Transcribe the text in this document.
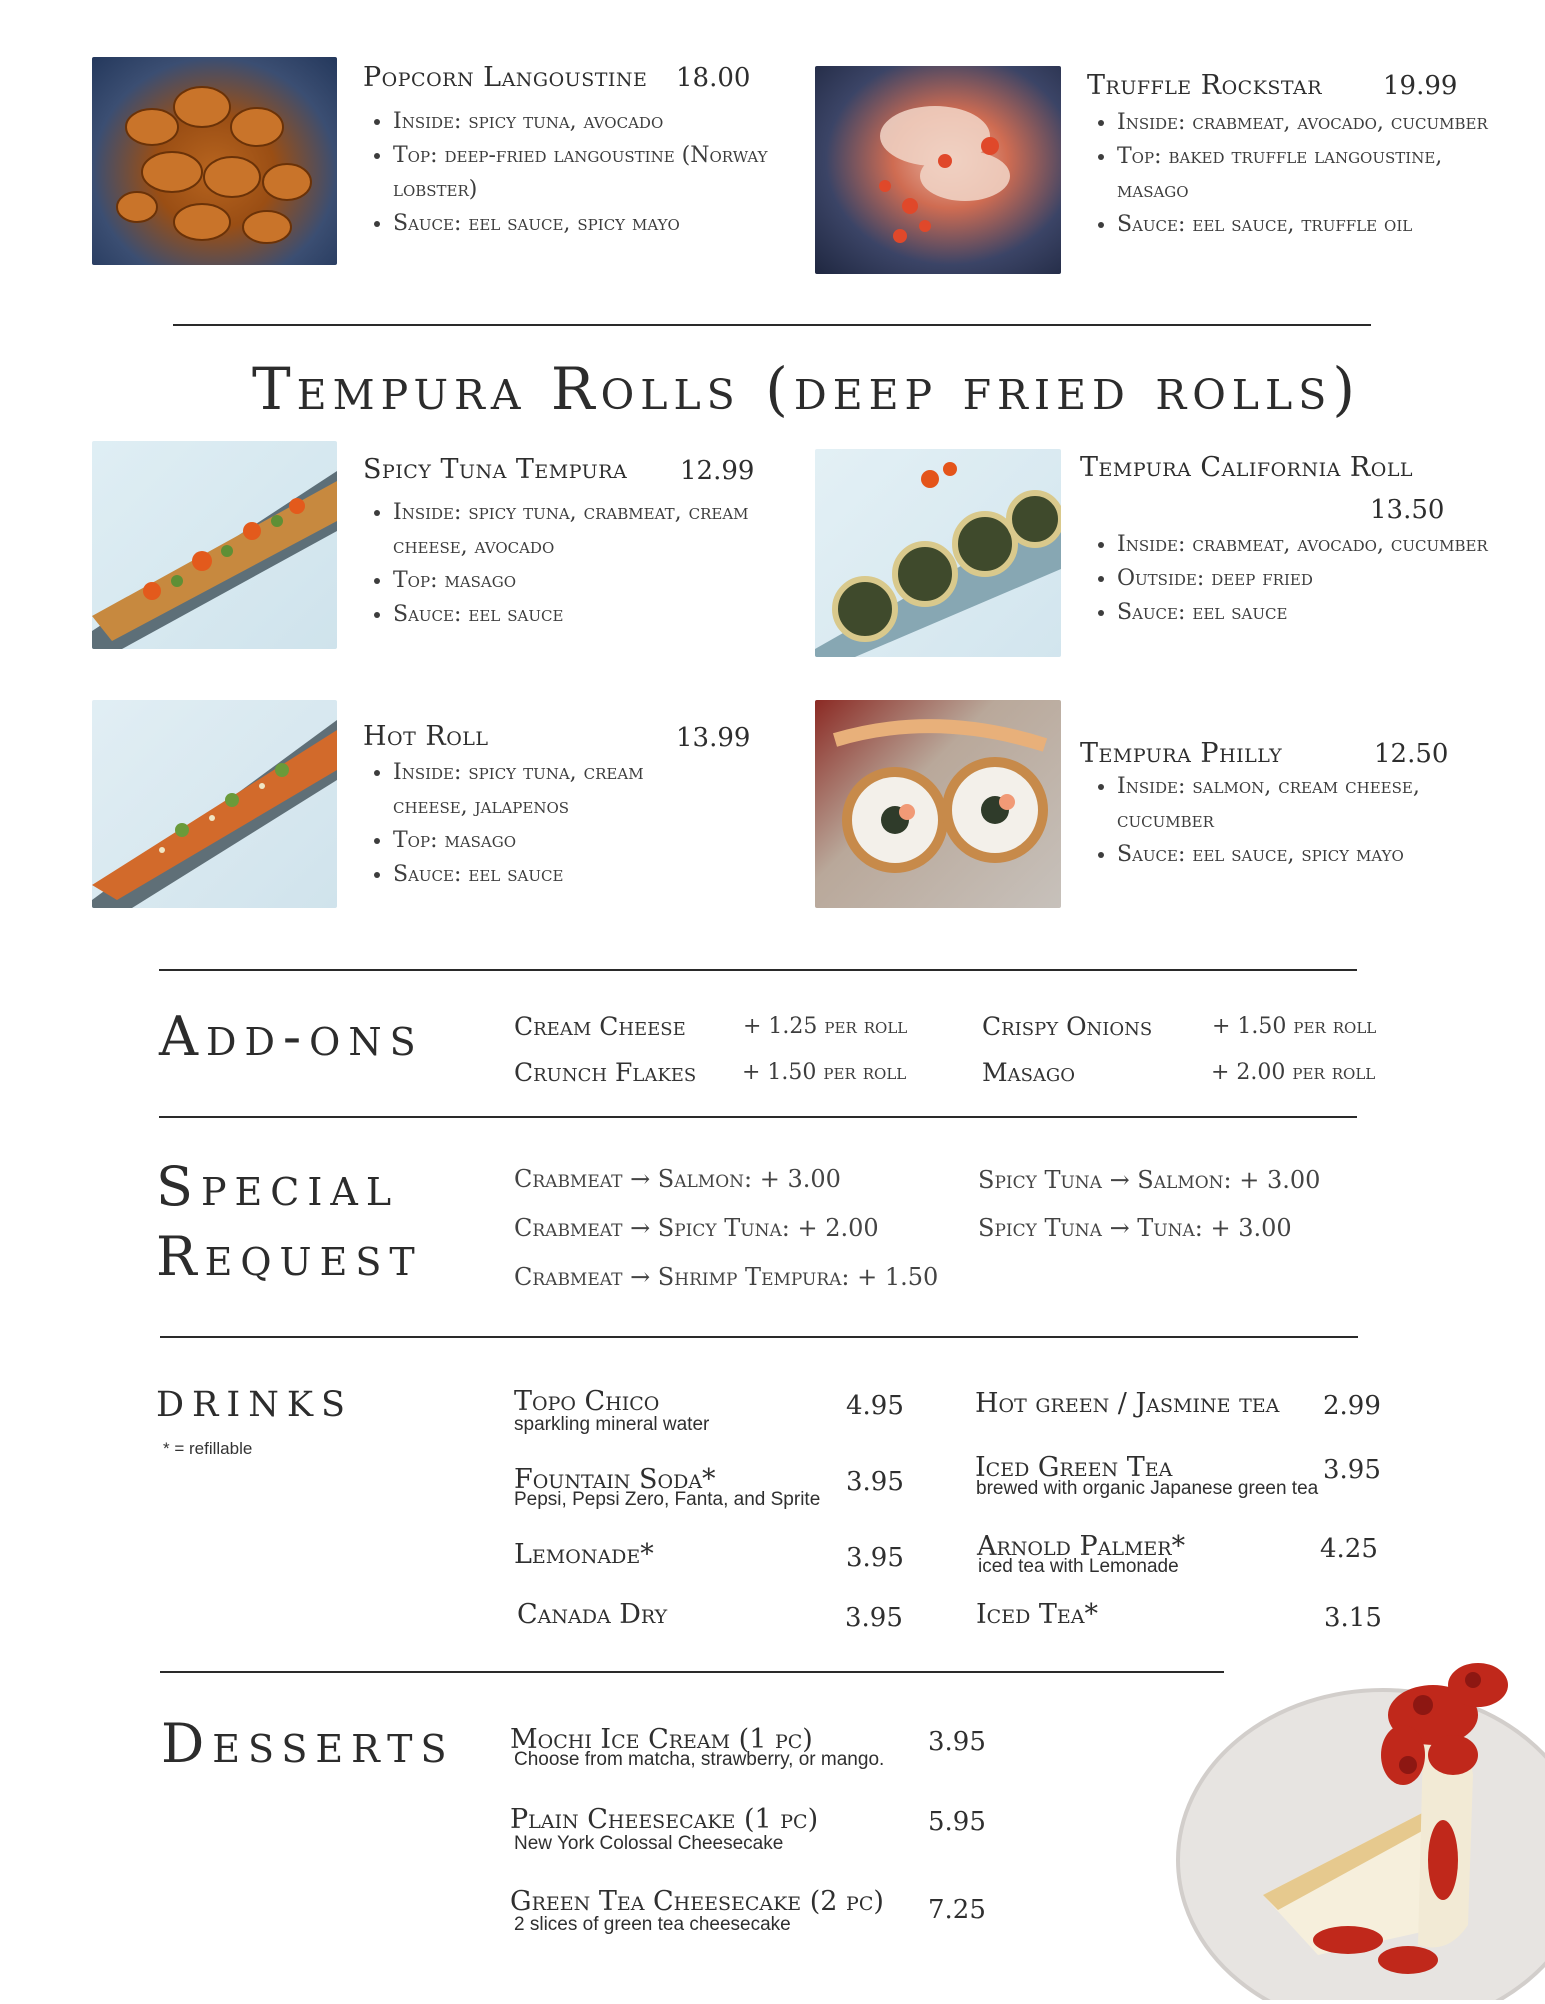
Popcorn Langoustine 18.00
• Inside: spicy tuna, avocado
• Top: deep-fried langoustine (Norway lobster)
• Sauce: eel sauce, spicy mayo
Truffle Rockstar 19.99
• Inside: crabmeat, avocado, cucumber
• Top: baked truffle langoustine, masago
• Sauce: eel sauce, truffle oil
Tempura Rolls (deep fried rolls)
Spicy Tuna Tempura 12.99
• Inside: spicy tuna, crabmeat, cream cheese, avocado
• Top: masago
• Sauce: eel sauce
Tempura California Roll
13.50
• Inside: crabmeat, avocado, cucumber
• Outside: deep fried
• Sauce: eel sauce
Hot Roll	13.99
• Inside: spicy tuna, cream cheese, jalapenos
• Top: masago
• Sauce: eel sauce
Tempura Philly	12.50
• Inside: salmon, cream cheese, cucumber
• Sauce: eel sauce, spicy mayo
Add-ons	Cream Cheese	+ 1.25 per roll
Crunch Flakes + 1.50 per roll
Crispy Onions	+ 1.50 per roll
Masago	+ 2.00 per roll
Special
Request
Crabmeat → Salmon: + 3.00
Crabmeat → Spicy Tuna: + 2.00
Crabmeat → Shrimp Tempura: + 1.50
Spicy Tuna → Salmon: + 3.00
Spicy Tuna → Tuna: + 3.00
drinks
* = refillable
Topo Chico
sparkling mineral water
4.95
Fountain Soda*
Pepsi, Pepsi Zero, Fanta, and Sprite
3.95
Lemonade*	3.95
Canada Dry	3.95
Hot green / Jasmine tea 2.99
Iced Green Tea
brewed with organic Japanese green tea
3.95
Arnold Palmer*
iced tea with Lemonade
4.25
Iced Tea*	3.15
Desserts Mochi Ice Cream (1 pc)
Choose from matcha, strawberry, or mango.
3.95
Plain Cheesecake (1 pc)
New York Colossal Cheesecake
5.95
Green Tea Cheesecake (2 pc)
2 slices of green tea cheesecake	7.25
